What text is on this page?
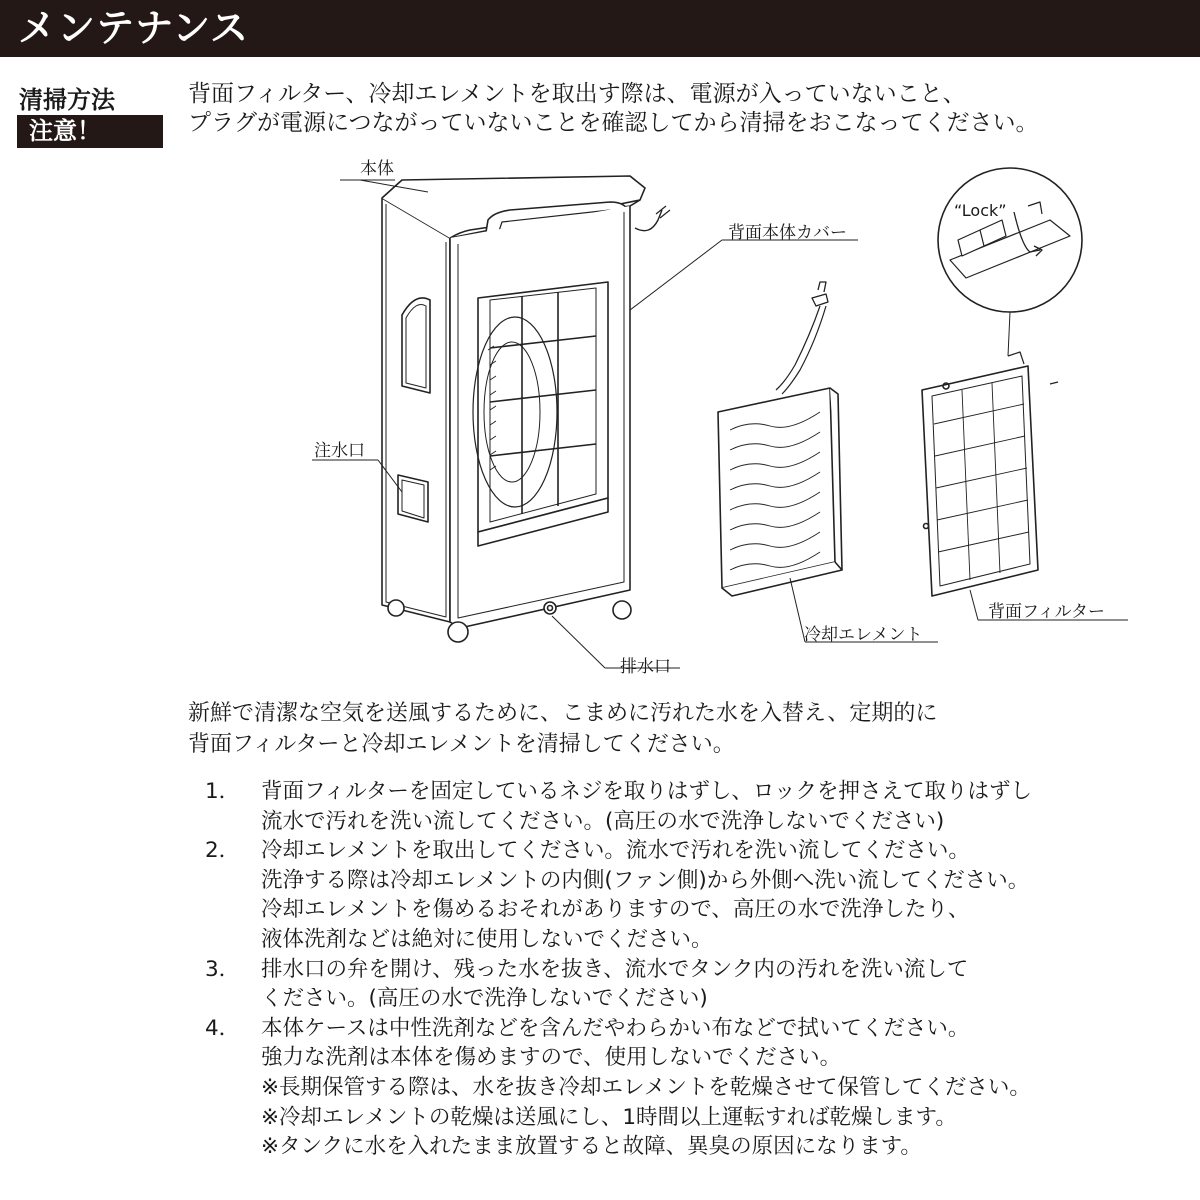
メンテナンス
清掃方法
注意！
背面フィルター、冷却エレメントを取出す際は、電源が入っていないこと、
プラグが電源につながっていないことを確認してから清掃をおこなってください。
本体
背面本体カバー
“Lock”
注水口
排水口
冷却エレメント
背面フィルター
新鮮で清潔な空気を送風するために、こまめに汚れた水を入替え、定期的に
背面フィルターと冷却エレメントを清掃してください。
1． 背面フィルターを固定しているネジを取りはずし、ロックを押さえて取りはずし
流水で汚れを洗い流してください。(高圧の水で洗浄しないでください)
2． 冷却エレメントを取出してください。流水で汚れを洗い流してください。
洗浄する際は冷却エレメントの内側(ファン側)から外側へ洗い流してください。
冷却エレメントを傷めるおそれがありますので、高圧の水で洗浄したり、
液体洗剤などは絶対に使用しないでください。
3． 排水口の弁を開け、残った水を抜き、流水でタンク内の汚れを洗い流して
ください。(高圧の水で洗浄しないでください)
4． 本体ケースは中性洗剤などを含んだやわらかい布などで拭いてください。
強力な洗剤は本体を傷めますので、使用しないでください。
※長期保管する際は、水を抜き冷却エレメントを乾燥させて保管してください。
※冷却エレメントの乾燥は送風にし、1時間以上運転すれば乾燥します。
※タンクに水を入れたまま放置すると故障、異臭の原因になります。
